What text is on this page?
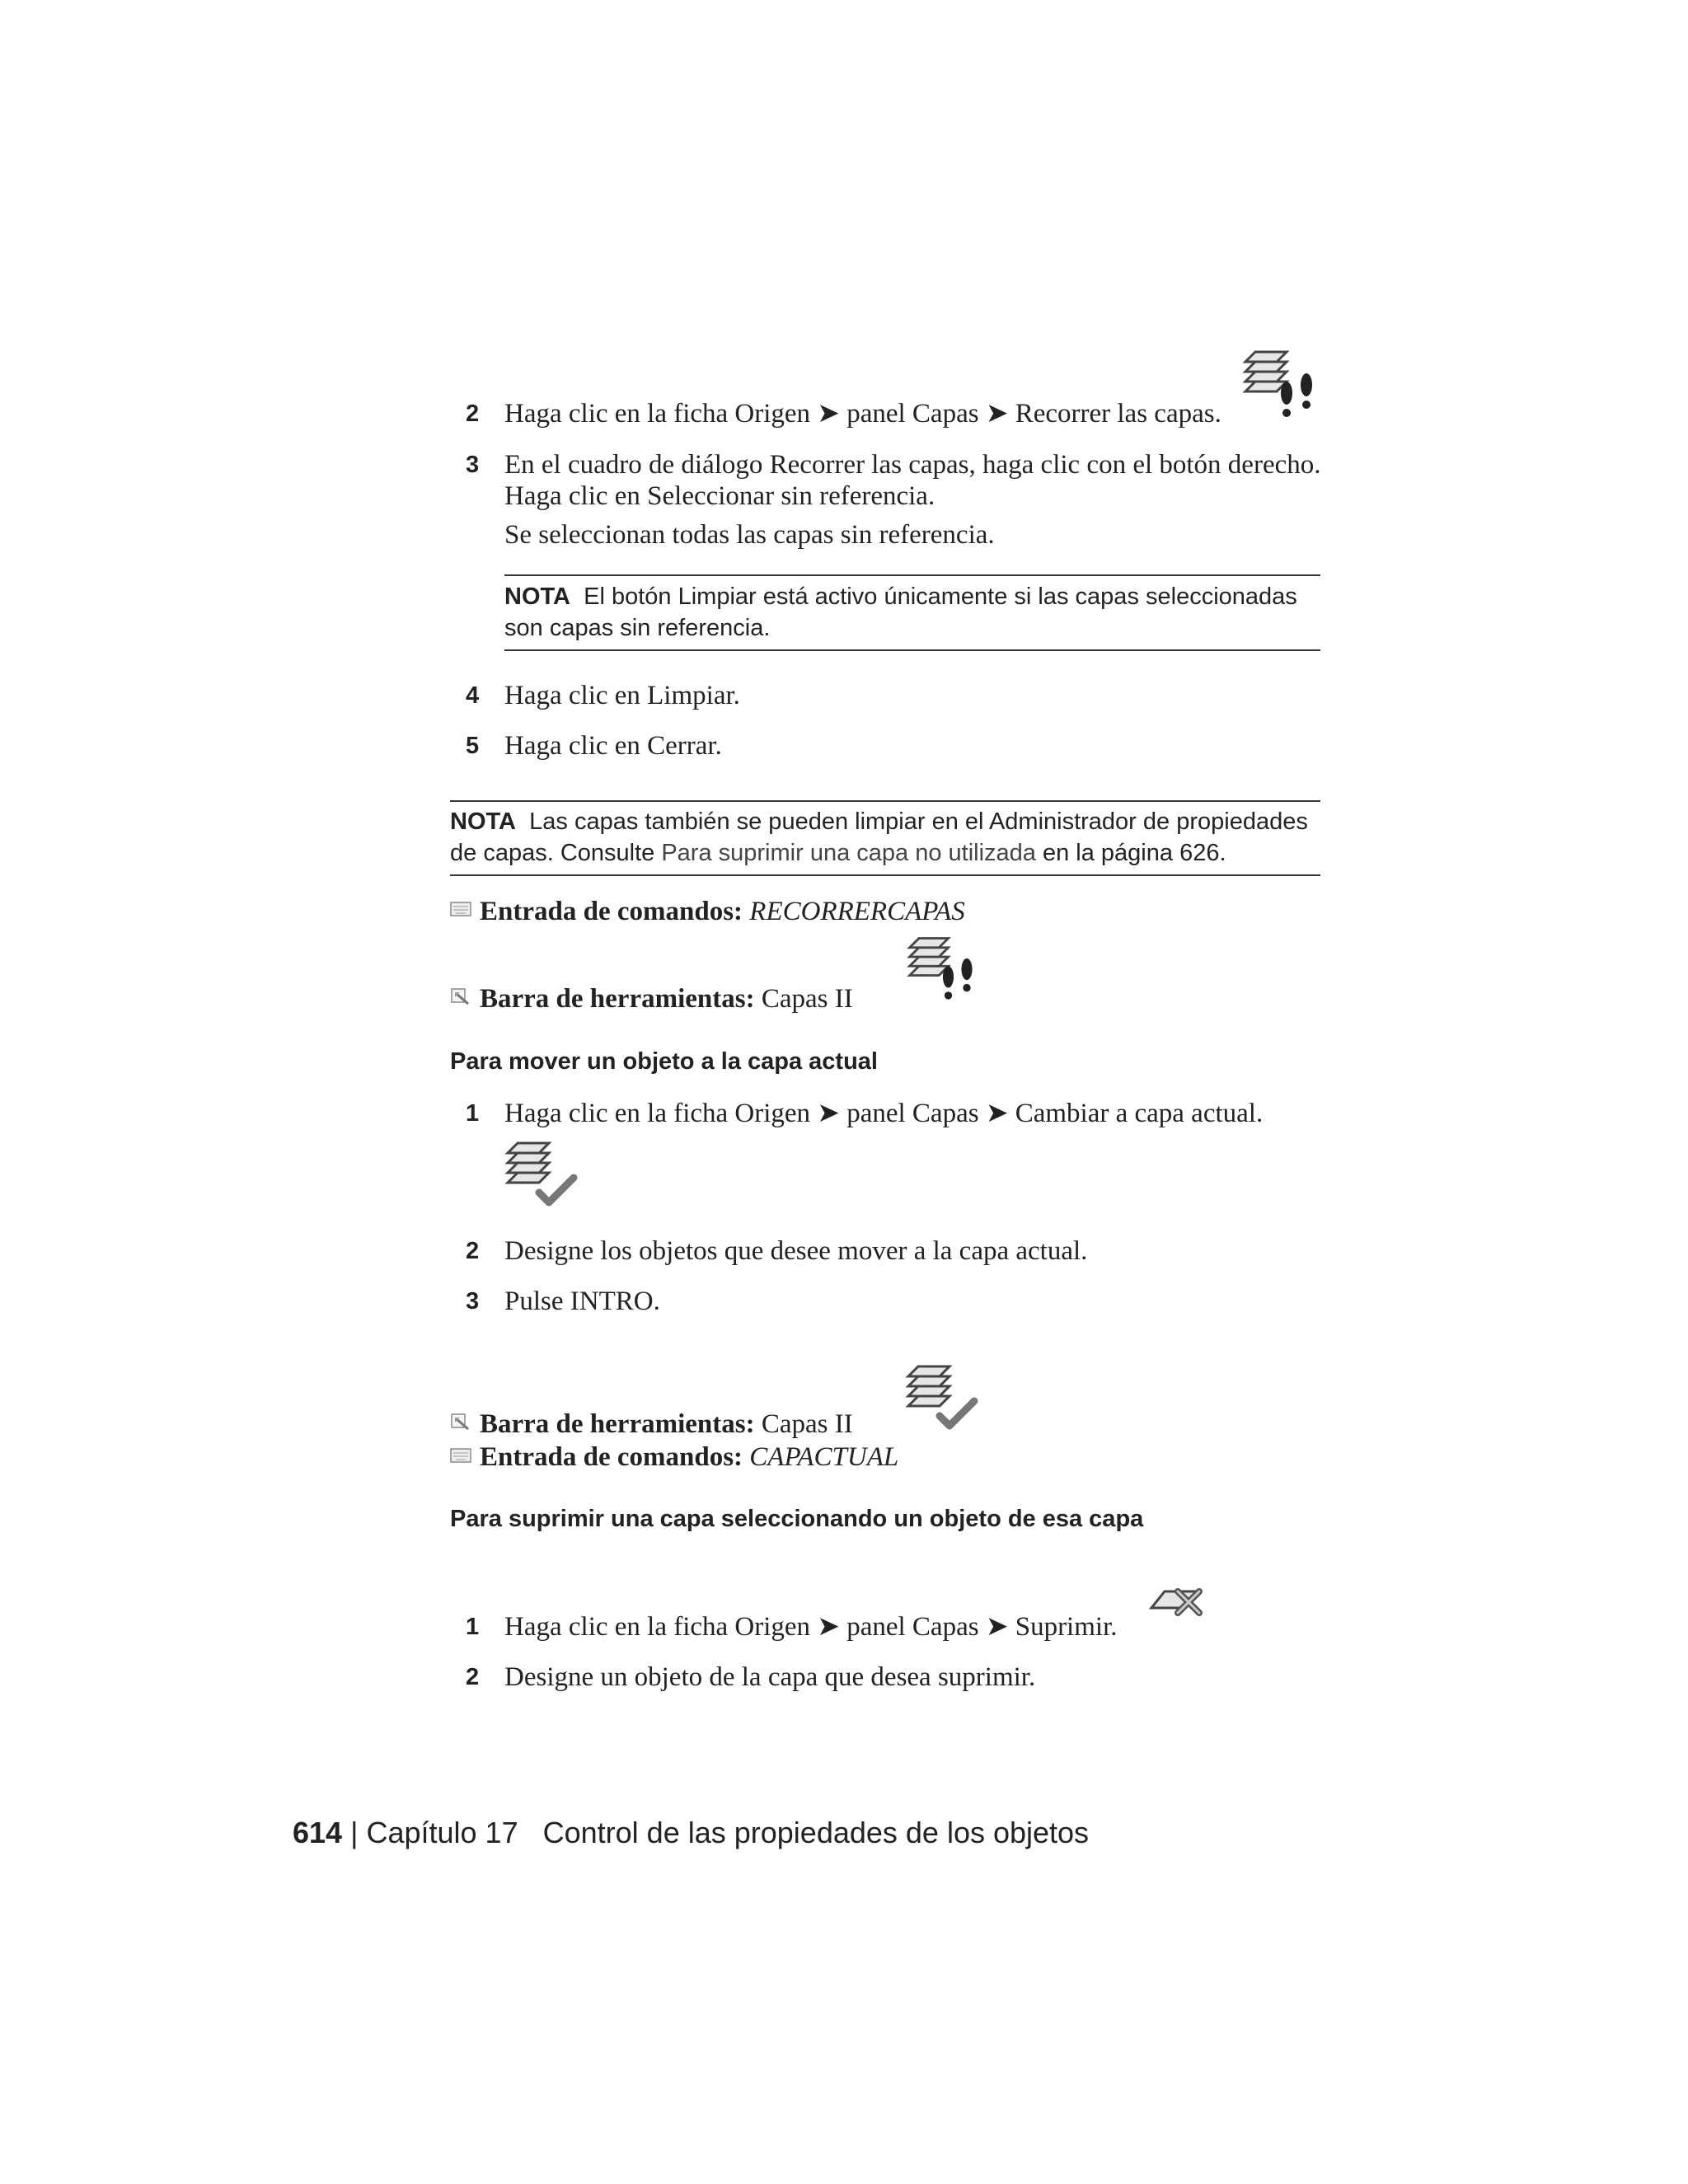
2 Haga clic en la ficha Origen ➤ panel Capas ➤ Recorrer las capas.
3 En el cuadro de diálogo Recorrer las capas, haga clic con el botón derecho.
Haga clic en Seleccionar sin referencia.
Se seleccionan todas las capas sin referencia.
NOTA El botón Limpiar está activo únicamente si las capas seleccionadas
son capas sin referencia.
4 Haga clic en Limpiar.
5 Haga clic en Cerrar.
NOTA Las capas también se pueden limpiar en el Administrador de propiedades
de capas. Consulte Para suprimir una capa no utilizada en la página 626.
Entrada de comandos: RECORRERCAPAS
Barra de herramientas: Capas II
Para mover un objeto a la capa actual
1 Haga clic en la ficha Origen ➤ panel Capas ➤ Cambiar a capa actual.
2 Designe los objetos que desee mover a la capa actual.
3 Pulse INTRO.
Barra de herramientas: Capas II
Entrada de comandos: CAPACTUAL
Para suprimir una capa seleccionando un objeto de esa capa
1 Haga clic en la ficha Origen ➤ panel Capas ➤ Suprimir.
2 Designe un objeto de la capa que desea suprimir.
614 | Capítulo 17 Control de las propiedades de los objetos
